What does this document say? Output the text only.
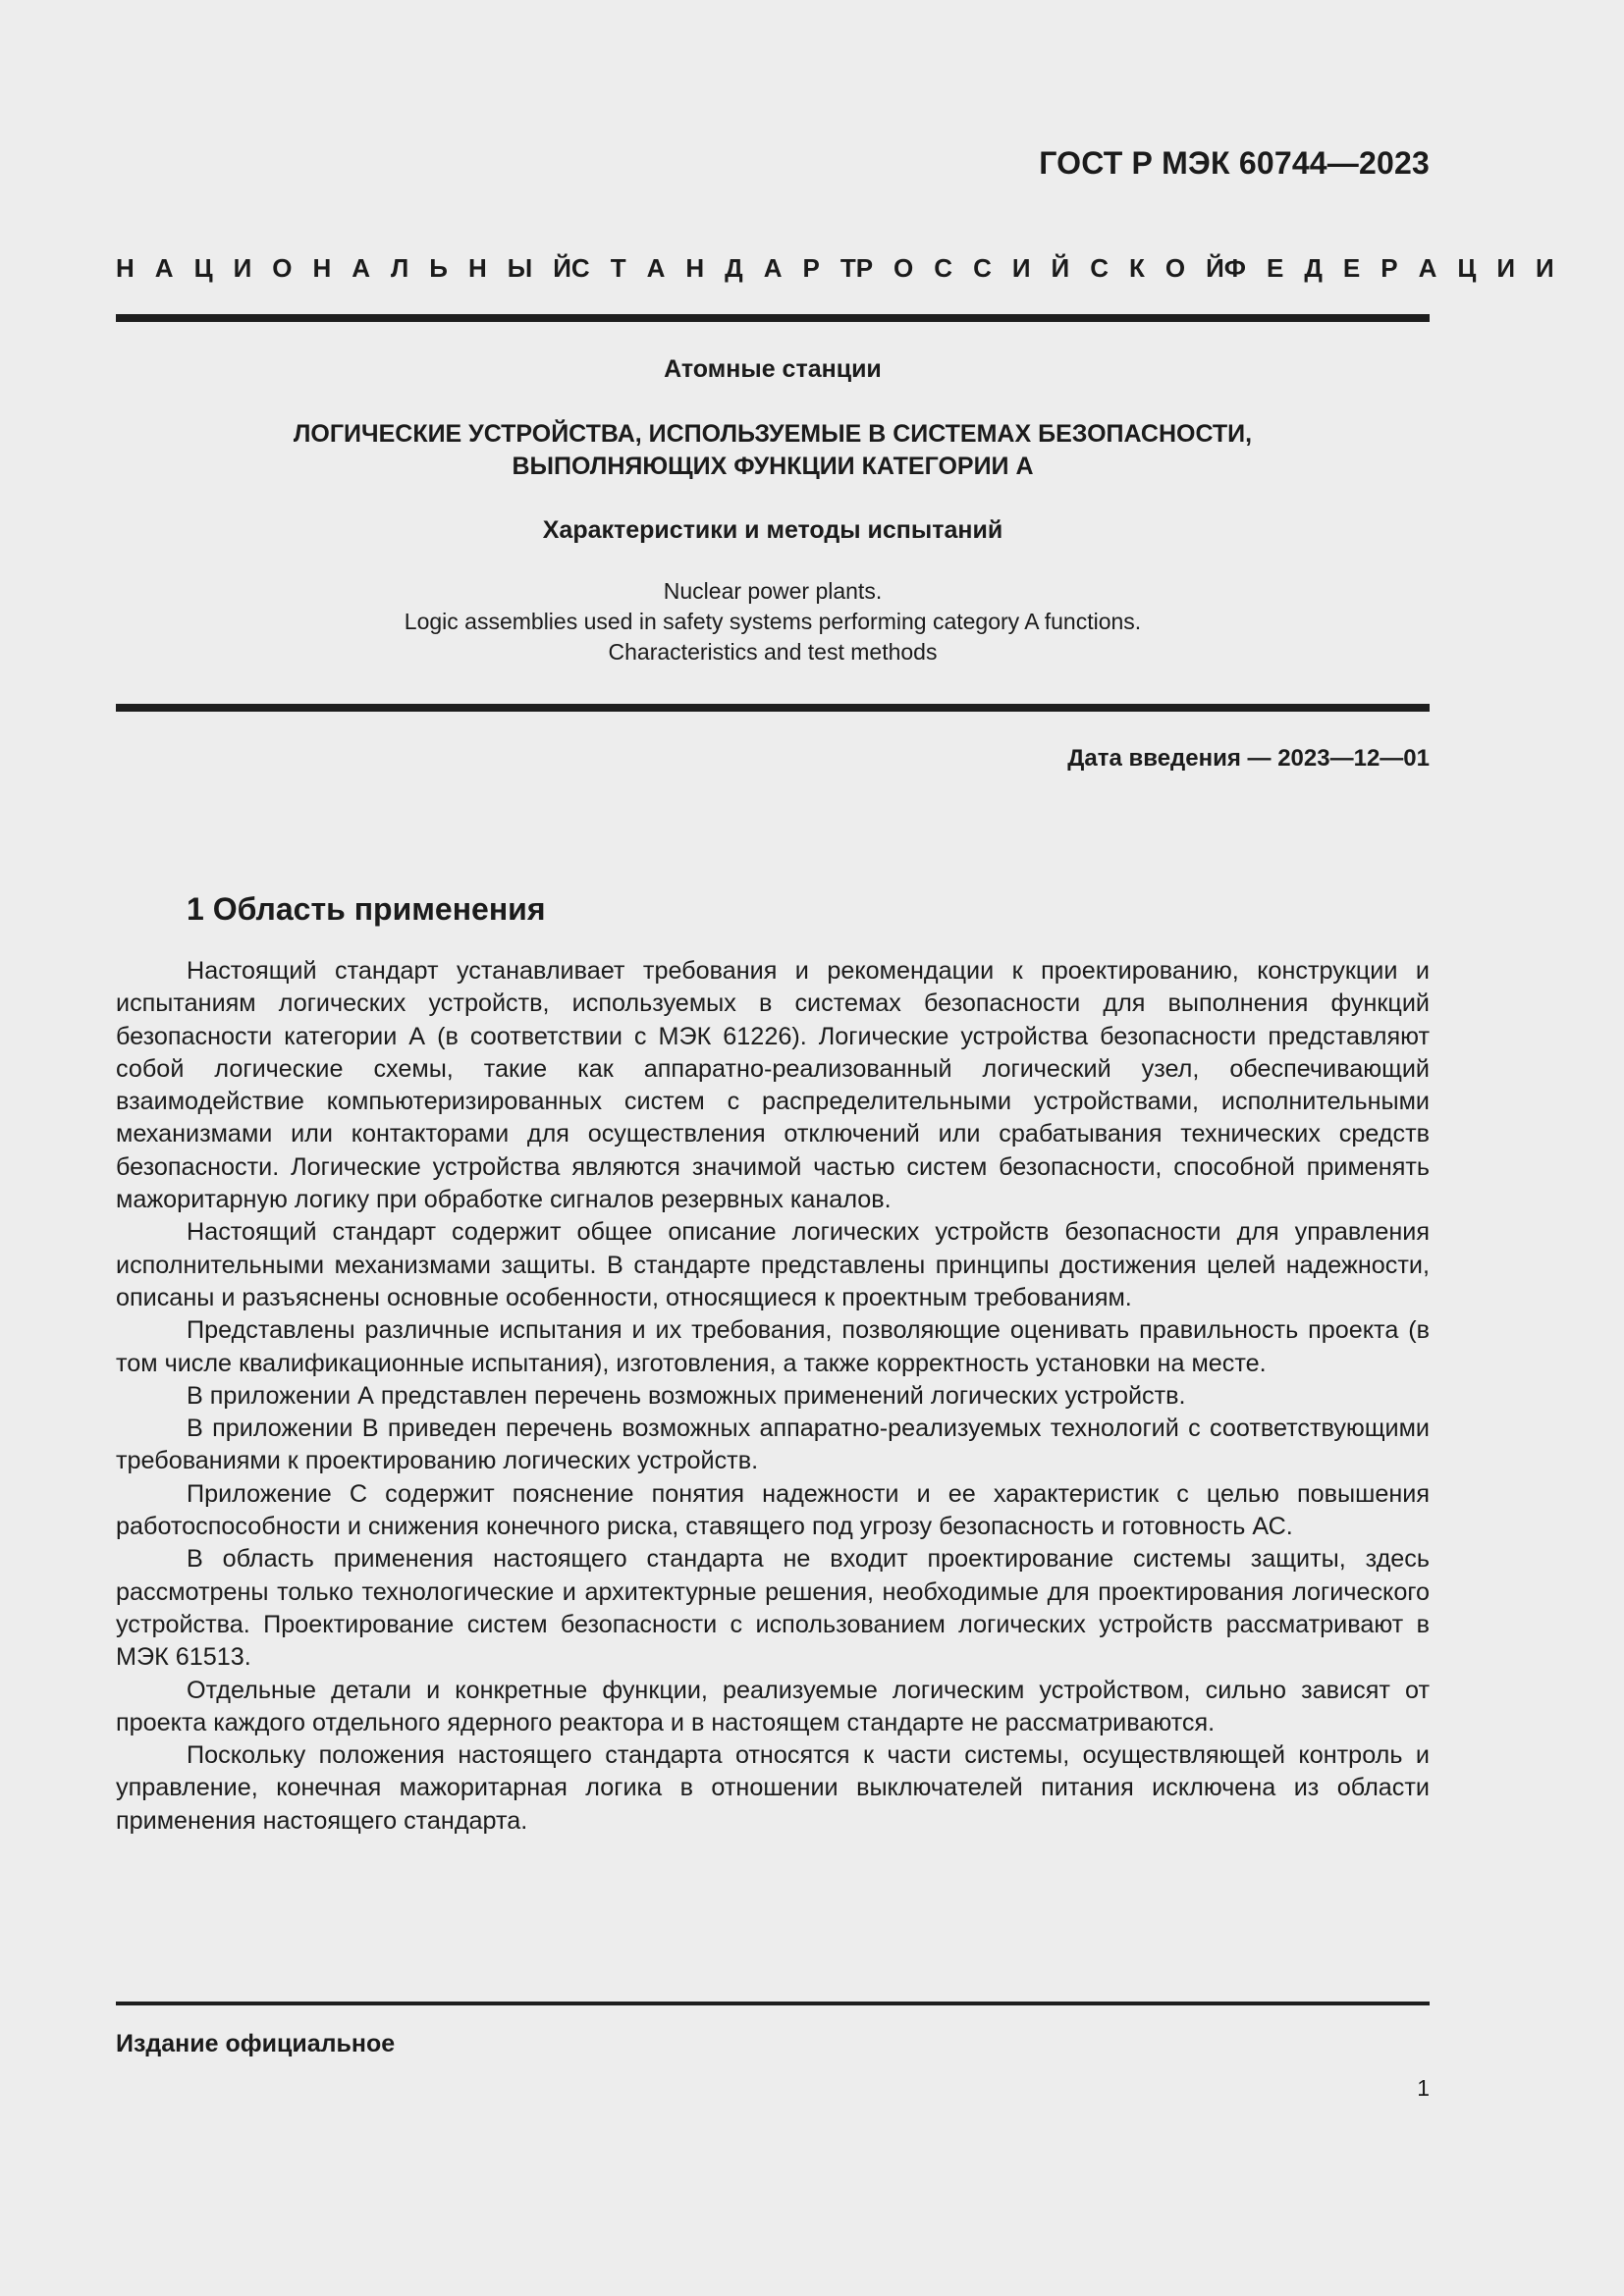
ГОСТ Р МЭК 60744—2023
Н А Ц И О Н А Л Ь Н Ы Й С Т А Н Д А Р Т Р О С С И Й С К О Й Ф Е Д Е Р А Ц И И
Атомные станции
ЛОГИЧЕСКИЕ УСТРОЙСТВА, ИСПОЛЬЗУЕМЫЕ В СИСТЕМАХ БЕЗОПАСНОСТИ,
ВЫПОЛНЯЮЩИХ ФУНКЦИИ КАТЕГОРИИ А
Характеристики и методы испытаний
Nuclear power plants.
Logic assemblies used in safety systems performing category A functions.
Characteristics and test methods
Дата введения — 2023—12—01
1 Область применения

Настоящий стандарт устанавливает требования и рекомендации к проектированию, конструкции и испытаниям логических устройств, используемых в системах безопасности для выполнения функций безопасности категории А (в соответствии с МЭК 61226). Логические устройства безопасности представляют собой логические схемы, такие как аппаратно-реализованный логический узел, обеспечивающий взаимодействие компьютеризированных систем с распределительными устройствами, исполнительными механизмами или контакторами для осуществления отключений или срабатывания технических средств безопасности. Логические устройства являются значимой частью систем безопасности, способной применять мажоритарную логику при обработке сигналов резервных каналов.

Настоящий стандарт содержит общее описание логических устройств безопасности для управления исполнительными механизмами защиты. В стандарте представлены принципы достижения целей надежности, описаны и разъяснены основные особенности, относящиеся к проектным требованиям.

Представлены различные испытания и их требования, позволяющие оценивать правильность проекта (в том числе квалификационные испытания), изготовления, а также корректность установки на месте.

В приложении А представлен перечень возможных применений логических устройств.

В приложении В приведен перечень возможных аппаратно-реализуемых технологий с соответствующими требованиями к проектированию логических устройств.

Приложение С содержит пояснение понятия надежности и ее характеристик с целью повышения работоспособности и снижения конечного риска, ставящего под угрозу безопасность и готовность АС.

В область применения настоящего стандарта не входит проектирование системы защиты, здесь рассмотрены только технологические и архитектурные решения, необходимые для проектирования логического устройства. Проектирование систем безопасности с использованием логических устройств рассматривают в МЭК 61513.

Отдельные детали и конкретные функции, реализуемые логическим устройством, сильно зависят от проекта каждого отдельного ядерного реактора и в настоящем стандарте не рассматриваются.

Поскольку положения настоящего стандарта относятся к части системы, осуществляющей контроль и управление, конечная мажоритарная логика в отношении выключателей питания исключена из области применения настоящего стандарта.

Издание официальное
1
